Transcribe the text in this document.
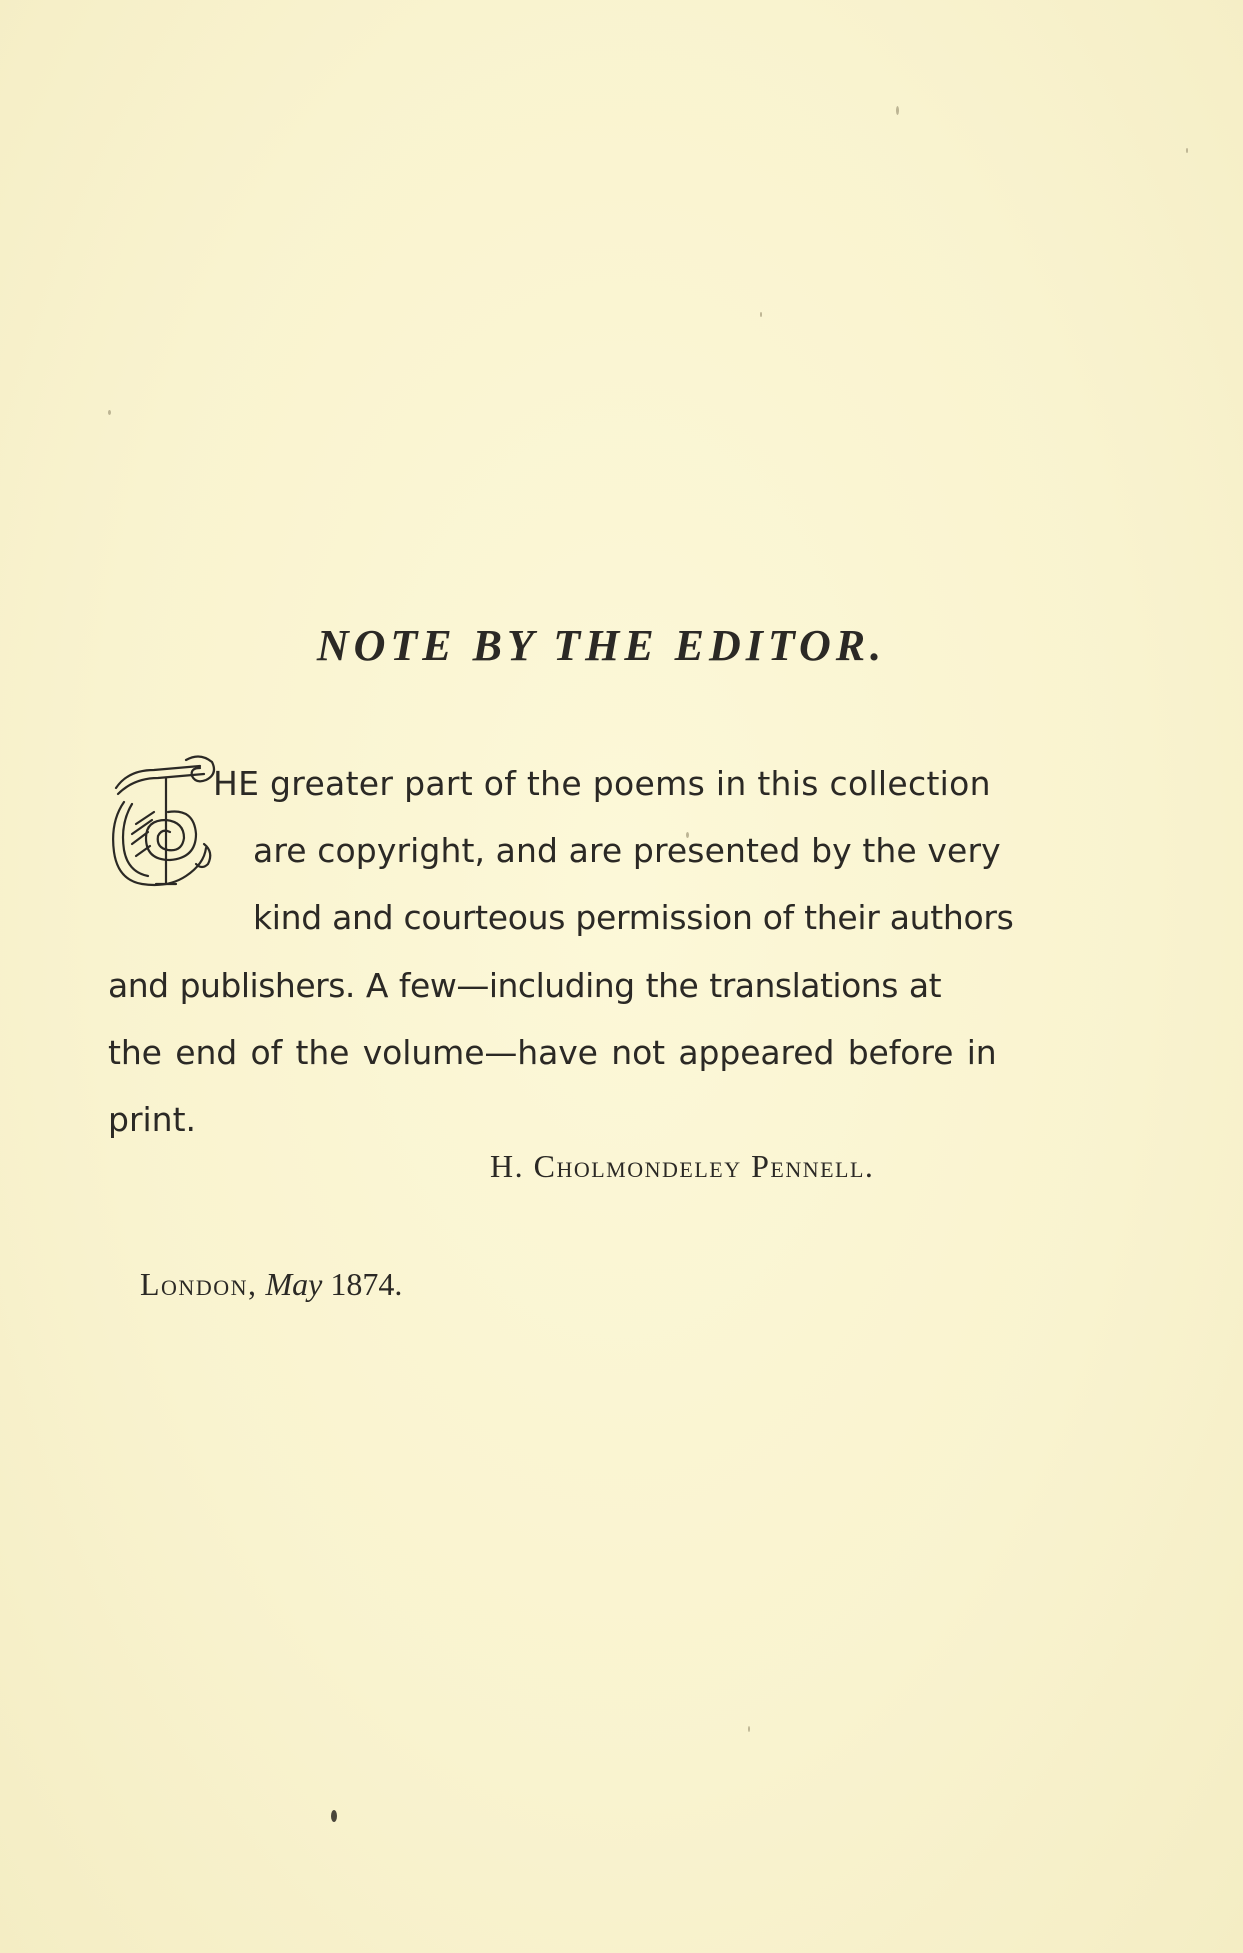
NOTE BY THE EDITOR.

HE greater part of the poems in this collection

are copyright, and are presented by the very

kind and courteous permission of their authors

and publishers. A few—including the translations at

the end of the volume—have not appeared before in

print.

H. Cholmondeley Pennell.

London, May 1874.
